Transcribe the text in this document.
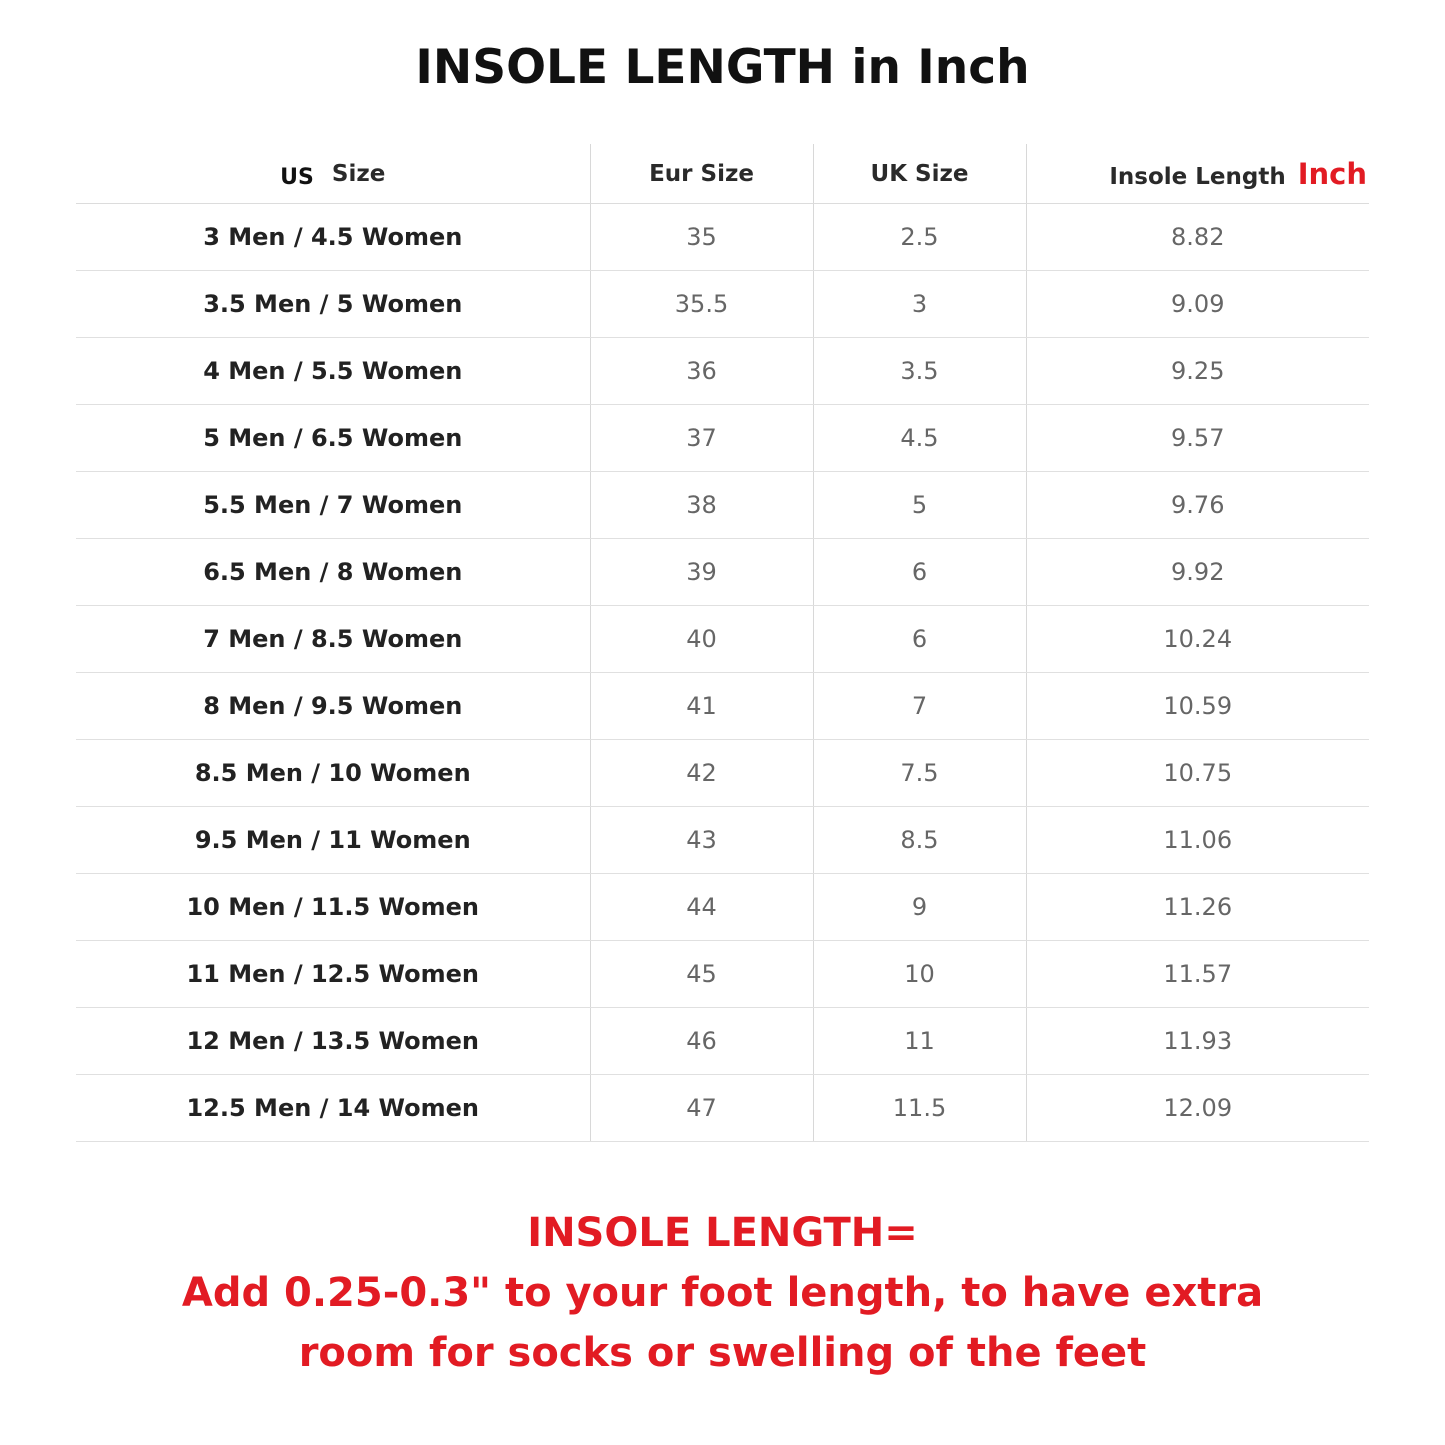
INSOLE LENGTH in Inch
US Size	Eur Size	UK Size	Insole Length Inch
3 Men / 4.5 Women	35	2.5	8.82
3.5 Men / 5 Women	35.5	3	9.09
4 Men / 5.5 Women	36	3.5	9.25
5 Men / 6.5 Women	37	4.5	9.57
5.5 Men / 7 Women	38	5	9.76
6.5 Men / 8 Women	39	6	9.92
7 Men / 8.5 Women	40	6	10.24
8 Men / 9.5 Women	41	7	10.59
8.5 Men / 10 Women	42	7.5	10.75
9.5 Men / 11 Women	43	8.5	11.06
10 Men / 11.5 Women	44	9	11.26
11 Men / 12.5 Women	45	10	11.57
12 Men / 13.5 Women	46	11	11.93
12.5 Men / 14 Women	47	11.5	12.09
INSOLE LENGTH=
Add 0.25-0.3" to your foot length, to have extra
room for socks or swelling of the feet
